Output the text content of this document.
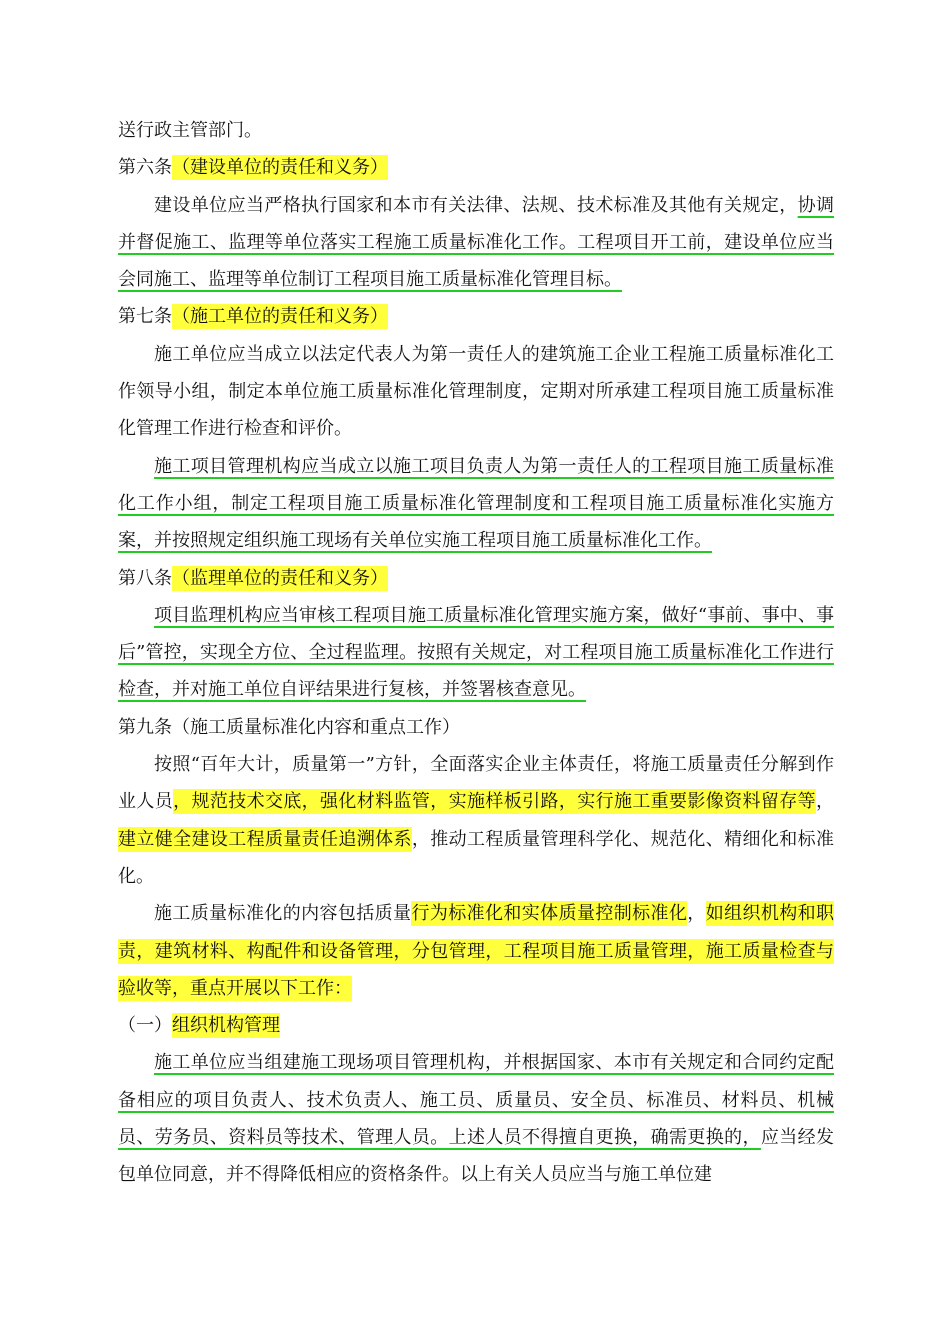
送行政主管部门。

第六条（建设单位的责任和义务）

建设单位应当严格执行国家和本市有关法律、法规、技术标准及其他有关规定，协调并督促施工、监理等单位落实工程施工质量标准化工作。工程项目开工前，建设单位应当会同施工、监理等单位制订工程项目施工质量标准化管理目标。

第七条（施工单位的责任和义务）

施工单位应当成立以法定代表人为第一责任人的建筑施工企业工程施工质量标准化工作领导小组，制定本单位施工质量标准化管理制度，定期对所承建工程项目施工质量标准化管理工作进行检查和评价。

施工项目管理机构应当成立以施工项目负责人为第一责任人的工程项目施工质量标准化工作小组，制定工程项目施工质量标准化管理制度和工程项目施工质量标准化实施方案，并按照规定组织施工现场有关单位实施工程项目施工质量标准化工作。

第八条（监理单位的责任和义务）

项目监理机构应当审核工程项目施工质量标准化管理实施方案，做好“事前、事中、事后”管控，实现全方位、全过程监理。按照有关规定，对工程项目施工质量标准化工作进行检查，并对施工单位自评结果进行复核，并签署核查意见。

第九条（施工质量标准化内容和重点工作）

按照“百年大计，质量第一”方针，全面落实企业主体责任，将施工质量责任分解到作业人员，规范技术交底，强化材料监管，实施样板引路，实行施工重要影像资料留存等，建立健全建设工程质量责任追溯体系，推动工程质量管理科学化、规范化、精细化和标准化。

施工质量标准化的内容包括质量行为标准化和实体质量控制标准化，如组织机构和职责，建筑材料、构配件和设备管理，分包管理，工程项目施工质量管理，施工质量检查与验收等，重点开展以下工作：

（一）组织机构管理

施工单位应当组建施工现场项目管理机构，并根据国家、本市有关规定和合同约定配备相应的项目负责人、技术负责人、施工员、质量员、安全员、标准员、材料员、机械员、劳务员、资料员等技术、管理人员。上述人员不得擅自更换，确需更换的，应当经发包单位同意，并不得降低相应的资格条件。以上有关人员应当与施工单位建
